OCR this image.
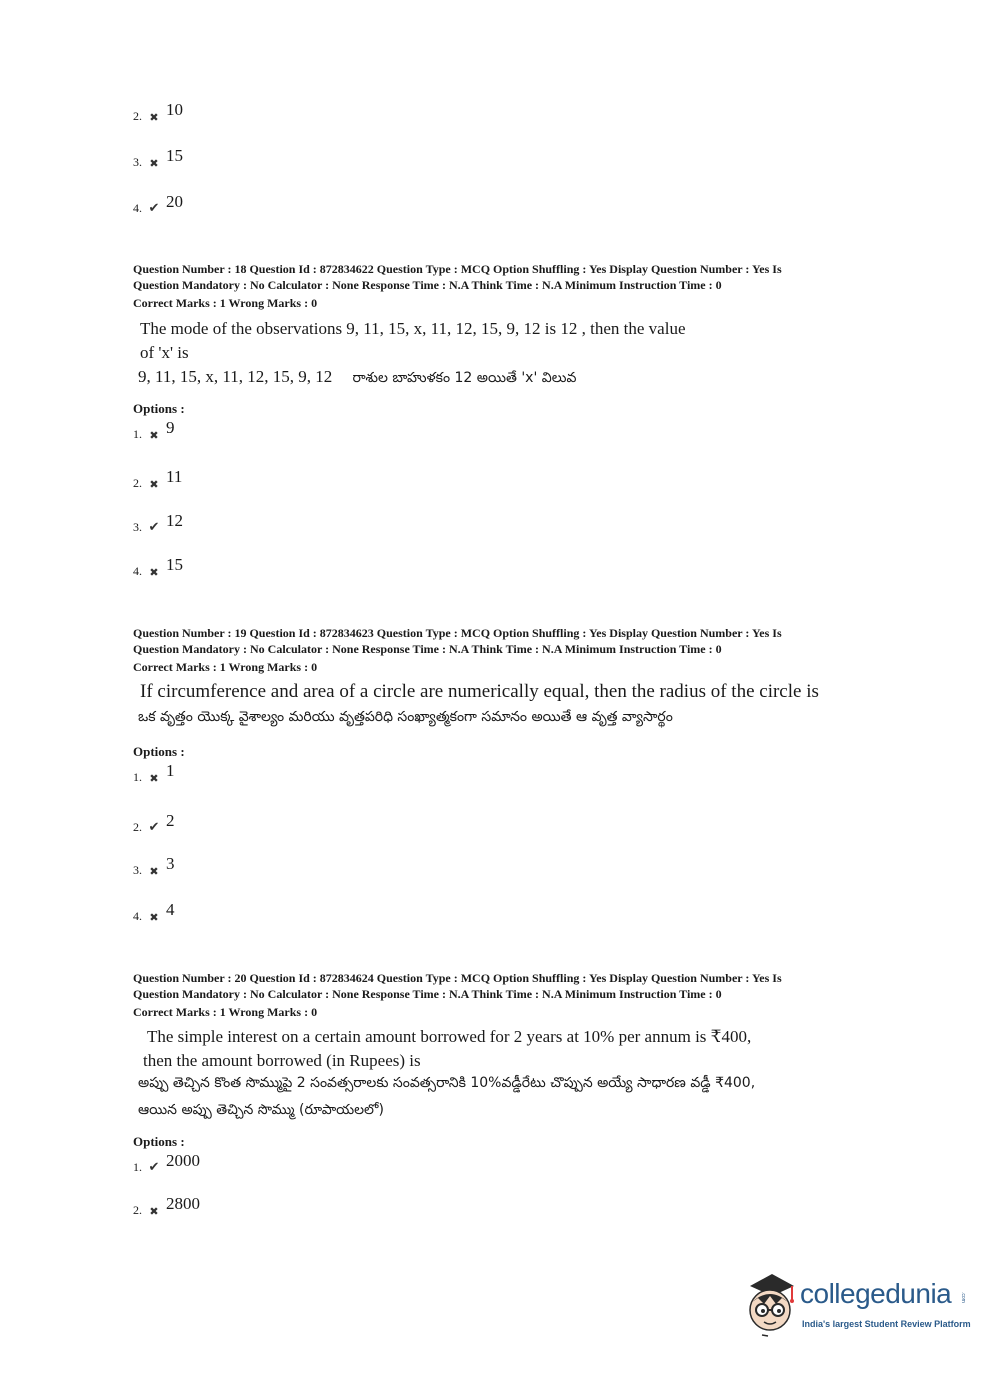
2. ✖ 10
3. ✖ 15
4. ✔ 20
Question Number : 18 Question Id : 872834622 Question Type : MCQ Option Shuffling : Yes Display Question Number : Yes Is
Question Mandatory : No Calculator : None Response Time : N.A Think Time : N.A Minimum Instruction Time : 0
Correct Marks : 1 Wrong Marks : 0
The mode of the observations 9, 11, 15, x, 11, 12, 15, 9, 12 is 12 , then the value
of 'x' is
9, 11, 15, x, 11, 12, 15, 9, 12 రాశుల బాహుళకం 12 అయితే 'x' విలువ
Options :
1. ✖ 9
2. ✖ 11
3. ✔ 12
4. ✖ 15
Question Number : 19 Question Id : 872834623 Question Type : MCQ Option Shuffling : Yes Display Question Number : Yes Is
Question Mandatory : No Calculator : None Response Time : N.A Think Time : N.A Minimum Instruction Time : 0
Correct Marks : 1 Wrong Marks : 0
If circumference and area of a circle are numerically equal, then the radius of the circle is
ఒక వృత్తం యొక్క వైశాల్యం మరియు వృత్తపరిధి సంఖ్యాత్మకంగా సమానం అయితే ఆ వృత్త వ్యాసార్థం
Options :
1. ✖ 1
2. ✔ 2
3. ✖ 3
4. ✖ 4
Question Number : 20 Question Id : 872834624 Question Type : MCQ Option Shuffling : Yes Display Question Number : Yes Is
Question Mandatory : No Calculator : None Response Time : N.A Think Time : N.A Minimum Instruction Time : 0
Correct Marks : 1 Wrong Marks : 0
The simple interest on a certain amount borrowed for 2 years at 10% per annum is ₹400,
then the amount borrowed (in Rupees) is
అప్పు తెచ్చిన కొంత సొమ్ముపై 2 సంవత్సరాలకు సంవత్సరానికి 10%వడ్డీరేటు చొప్పున అయ్యే సాధారణ వడ్డీ ₹400,
ఆయిన అప్పు తెచ్చిన సొమ్ము (రూపాయలలో)
Options :
1. ✔ 2000
2. ✖ 2800
collegedunia .com
India's largest Student Review Platform
